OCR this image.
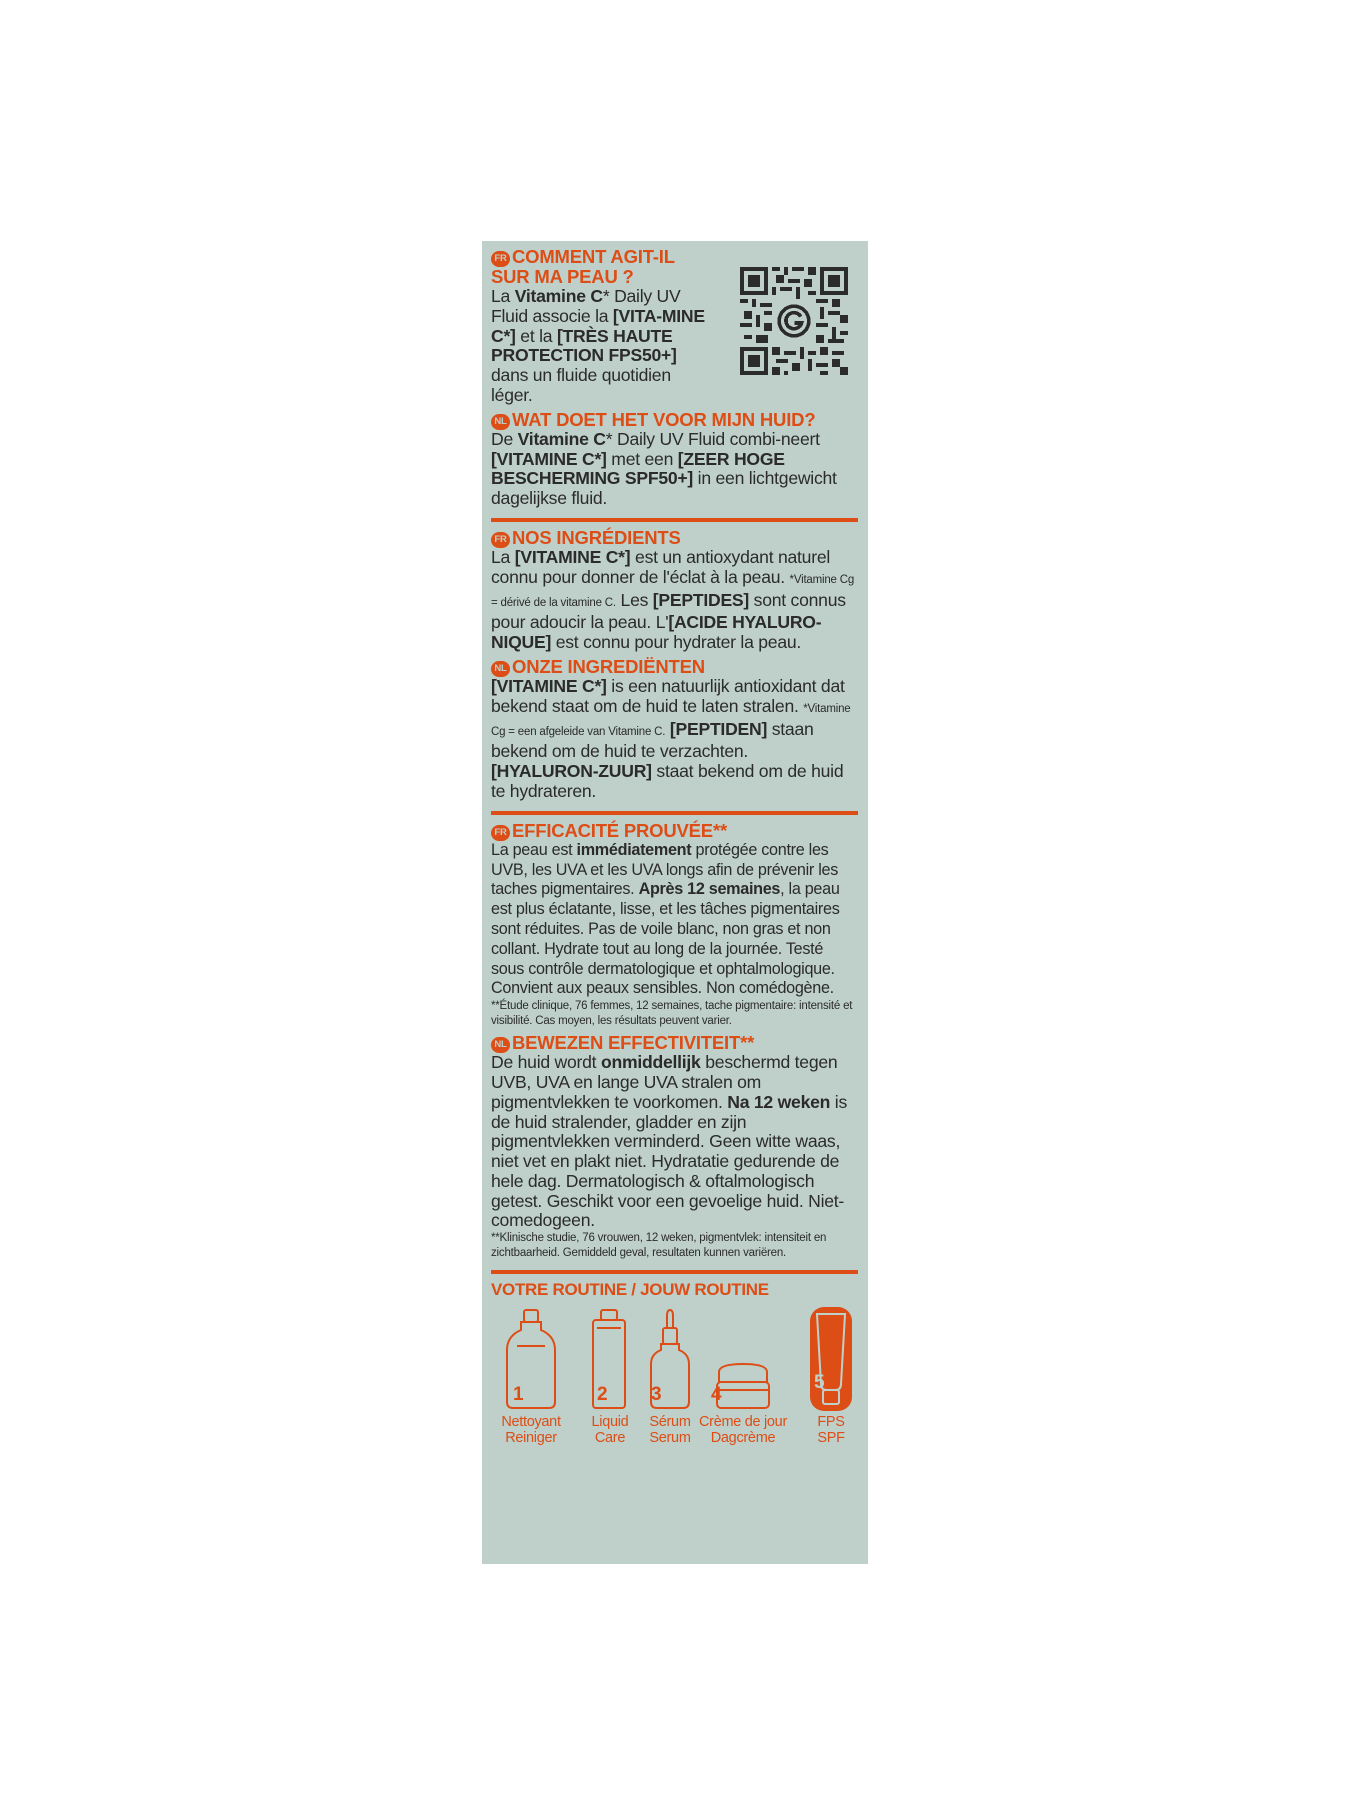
FR COMMENT AGIT-IL SUR MA PEAU ?

La Vitamine C* Daily UV Fluid associe la [VITA-MINE C*] et la [TRÈS HAUTE PROTECTION FPS50+] dans un fluide quotidien léger.

NL WAT DOET HET VOOR MIJN HUID?

De Vitamine C* Daily UV Fluid combi-neert [VITAMINE C*] met een [ZEER HOGE BESCHERMING SPF50+] in een lichtgewicht dagelijkse fluid.

FR NOS INGRÉDIENTS

La [VITAMINE C*] est un antioxydant naturel connu pour donner de l'éclat à la peau. *Vitamine Cg = dérivé de la vitamine C. Les [PEPTIDES] sont connus pour adoucir la peau. L'[ACIDE HYALURO-NIQUE] est connu pour hydrater la peau.

NL ONZE INGREDIËNTEN

[VITAMINE C*] is een natuurlijk antioxidant dat bekend staat om de huid te laten stralen. *Vitamine Cg = een afgeleide van Vitamine C. [PEPTIDEN] staan bekend om de huid te verzachten. [HYALURON-ZUUR] staat bekend om de huid te hydrateren.

FR EFFICACITÉ PROUVÉE**

La peau est immédiatement protégée contre les UVB, les UVA et les UVA longs afin de prévenir les taches pigmentaires. Après 12 semaines, la peau est plus éclatante, lisse, et les tâches pigmentaires sont réduites. Pas de voile blanc, non gras et non collant. Hydrate tout au long de la journée. Testé sous contrôle dermatologique et ophtalmologique. Convient aux peaux sensibles. Non comédogène.

**Étude clinique, 76 femmes, 12 semaines, tache pigmentaire: intensité et visibilité. Cas moyen, les résultats peuvent varier.

NL BEWEZEN EFFECTIVITEIT**

De huid wordt onmiddellijk beschermd tegen UVB, UVA en lange UVA stralen om pigmentvlekken te voorkomen. Na 12 weken is de huid stralender, gladder en zijn pigmentvlekken verminderd. Geen witte waas, niet vet en plakt niet. Hydratatie gedurende de hele dag. Dermatologisch & oftalmologisch getest. Geschikt voor een gevoelige huid. Niet-comedogeen.

**Klinische studie, 76 vrouwen, 12 weken, pigmentvlek: intensiteit en zichtbaarheid. Gemiddeld geval, resultaten kunnen variëren.

VOTRE ROUTINE / JOUW ROUTINE

1
Nettoyant
Reiniger
2
Liquid
Care
3
Sérum
Serum
4
Crème de jour
Dagcrème
5
FPS
SPF
